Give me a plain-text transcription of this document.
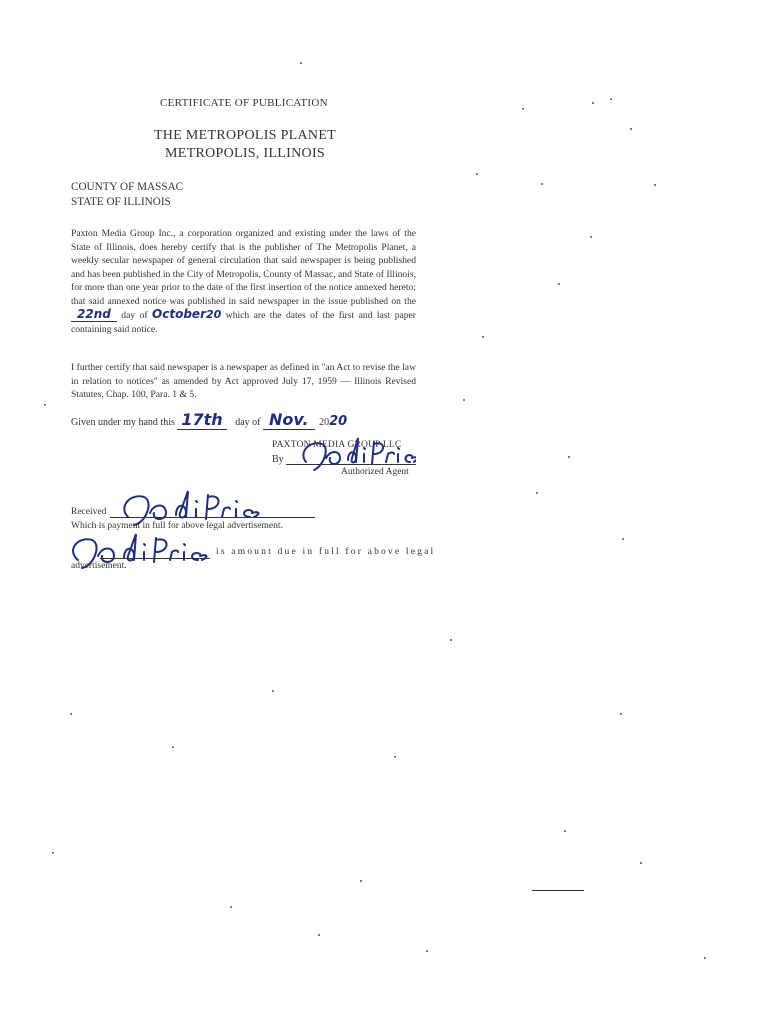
CERTIFICATE OF PUBLICATION
THE METROPOLIS PLANET
METROPOLIS, ILLINOIS
COUNTY OF MASSAC
STATE OF ILLINOIS
Paxton Media Group Inc., a corporation organized and existing under the laws of the State of Illinois, does hereby certify that is the publisher of The Metropolis Planet, a weekly secular newspaper of general circulation that said newspaper is being published and has been published in the City of Metropolis, County of Massac, and State of Illinois, for more than one year prior to the date of the first insertion of the notice annexed hereto; that said annexed notice was published in said newspaper in the issue published on the 22nd day of October20 which are the dates of the first and last paper containing said notice.
I further certify that said newspaper is a newspaper as defined in "an Act to revise the law in relation to notices" as amended by Act approved July 17, 1959 — Illinois Revised Statutes, Chap. 100, Para. 1 & 5.
Given under my hand this 17th day of Nov. 2020
PAXTON MEDIA GROUP LLC
By
Authorized Agent
Received
Which is payment in full for above legal advertisement.
is amount due in full for above legal
advertisement.
